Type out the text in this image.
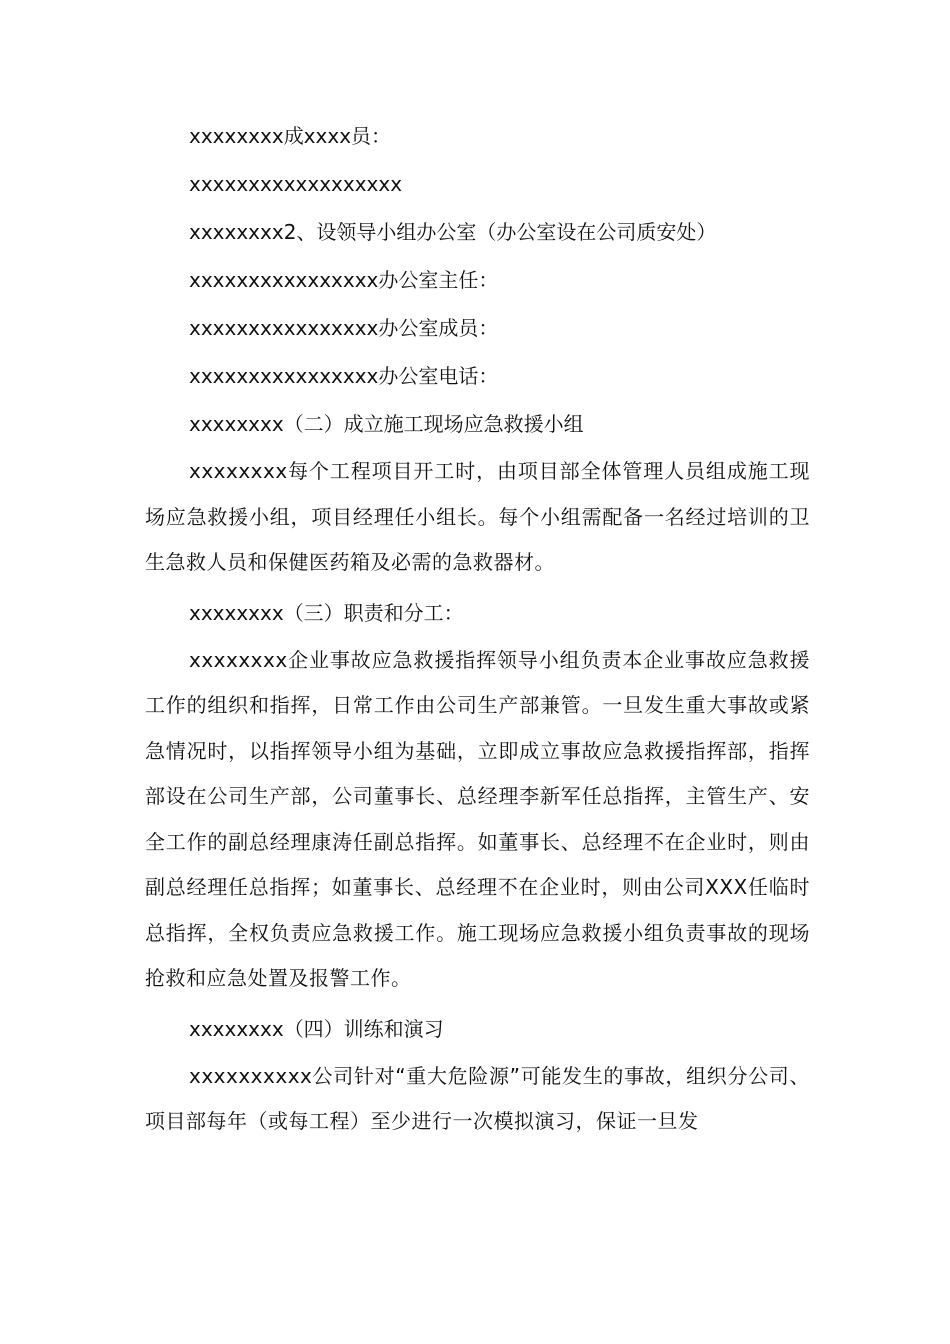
xxxxxxxx成xxxx员：
xxxxxxxxxxxxxxxxxx
xxxxxxxx2、设领导小组办公室（办公室设在公司质安处）
xxxxxxxxxxxxxxxx办公室主任：
xxxxxxxxxxxxxxxx办公室成员：
xxxxxxxxxxxxxxxx办公室电话：
xxxxxxxx（二）成立施工现场应急救援小组

xxxxxxxx每个工程项目开工时，由项目部全体管理人员组成施工现场应急救援小组，项目经理任小组长。每个小组需配备一名经过培训的卫生急救人员和保健医药箱及必需的急救器材。

xxxxxxxx（三）职责和分工：

xxxxxxxx企业事故应急救援指挥领导小组负责本企业事故应急救援工作的组织和指挥，日常工作由公司生产部兼管。一旦发生重大事故或紧急情况时，以指挥领导小组为基础，立即成立事故应急救援指挥部，指挥部设在公司生产部，公司董事长、总经理李新军任总指挥，主管生产、安全工作的副总经理康涛任副总指挥。如董事长、总经理不在企业时，则由副总经理任总指挥；如董事长、总经理不在企业时，则由公司XXX任临时总指挥，全权负责应急救援工作。施工现场应急救援小组负责事故的现场抢救和应急处置及报警工作。

xxxxxxxx（四）训练和演习

xxxxxxxxxx公司针对“重大危险源”可能发生的事故，组织分公司、项目部每年（或每工程）至少进行一次模拟演习，保证一旦发
